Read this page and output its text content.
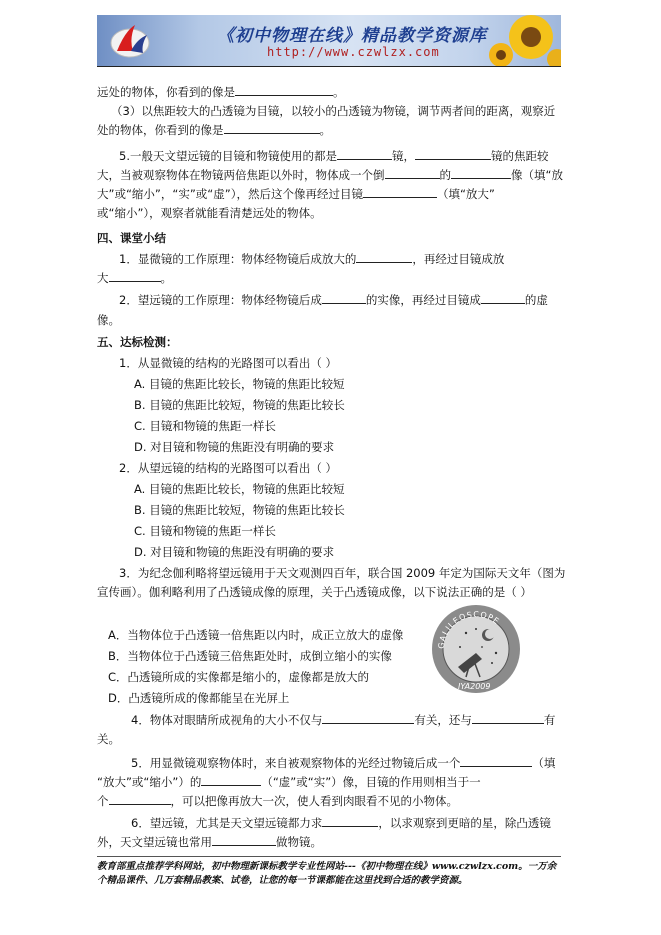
《初中物理在线》精品教学资源库
http://www.czwlzx.com
远处的物体，你看到的像是	。
（3）以焦距较大的凸透镜为目镜，以较小的凸透镜为物镜，调节两者间的距离，观察近
处的物体，你看到的像是	。
5.一般天文望远镜的目镜和物镜使用的都是	镜，	镜的焦距较
大，当被观察物体在物镜两倍焦距以外时，物体成一个倒	的	像（填“放
大”或“缩小”，“实”或“虚”），然后这个像再经过目镜	（填“放大”
或“缩小”），观察者就能看清楚远处的物体。
四、课堂小结
1．显微镜的工作原理：物体经物镜后成放大的	，再经过目镜成放
大	。
2．望远镜的工作原理：物体经物镜后成	的实像，再经过目镜成	的虚
像。
五、达标检测：
1．从显微镜的结构的光路图可以看出（ ）
A. 目镜的焦距比较长，物镜的焦距比较短
B. 目镜的焦距比较短，物镜的焦距比较长
C. 目镜和物镜的焦距一样长
D. 对目镜和物镜的焦距没有明确的要求
2．从望远镜的结构的光路图可以看出（ ）
A. 目镜的焦距比较长，物镜的焦距比较短
B. 目镜的焦距比较短，物镜的焦距比较长
C. 目镜和物镜的焦距一样长
D. 对目镜和物镜的焦距没有明确的要求
3．为纪念伽利略将望远镜用于天文观测四百年，联合国 2009 年定为国际天文年（图为
宣传画）。伽利略利用了凸透镜成像的原理，关于凸透镜成像，以下说法正确的是（ ）
A．当物体位于凸透镜一倍焦距以内时，成正立放大的虚像
B．当物体位于凸透镜三倍焦距处时，成倒立缩小的实像
C．凸透镜所成的实像都是缩小的，虚像都是放大的
D．凸透镜所成的像都能呈在光屏上
GALILEOSCOPE
IYA2009
4．物体对眼睛所成视角的大小不仅与	有关，还与	有
关。
5．用显微镜观察物体时，来自被观察物体的光经过物镜后成一个	（填
“放大”或“缩小”）的	（“虚”或“实”）像，目镜的作用则相当于一
个	，可以把像再放大一次，使人看到肉眼看不见的小物体。
6．望远镜，尤其是天文望远镜都力求	，以求观察到更暗的星，除凸透镜
外，天文望远镜也常用	做物镜。
教育部重点推荐学科网站，初中物理新课标教学专业性网站---《初中物理在线》www.czwlzx.com。一万余
个精品课件、几万套精品教案、试卷，让您的每一节课都能在这里找到合适的教学资源。
